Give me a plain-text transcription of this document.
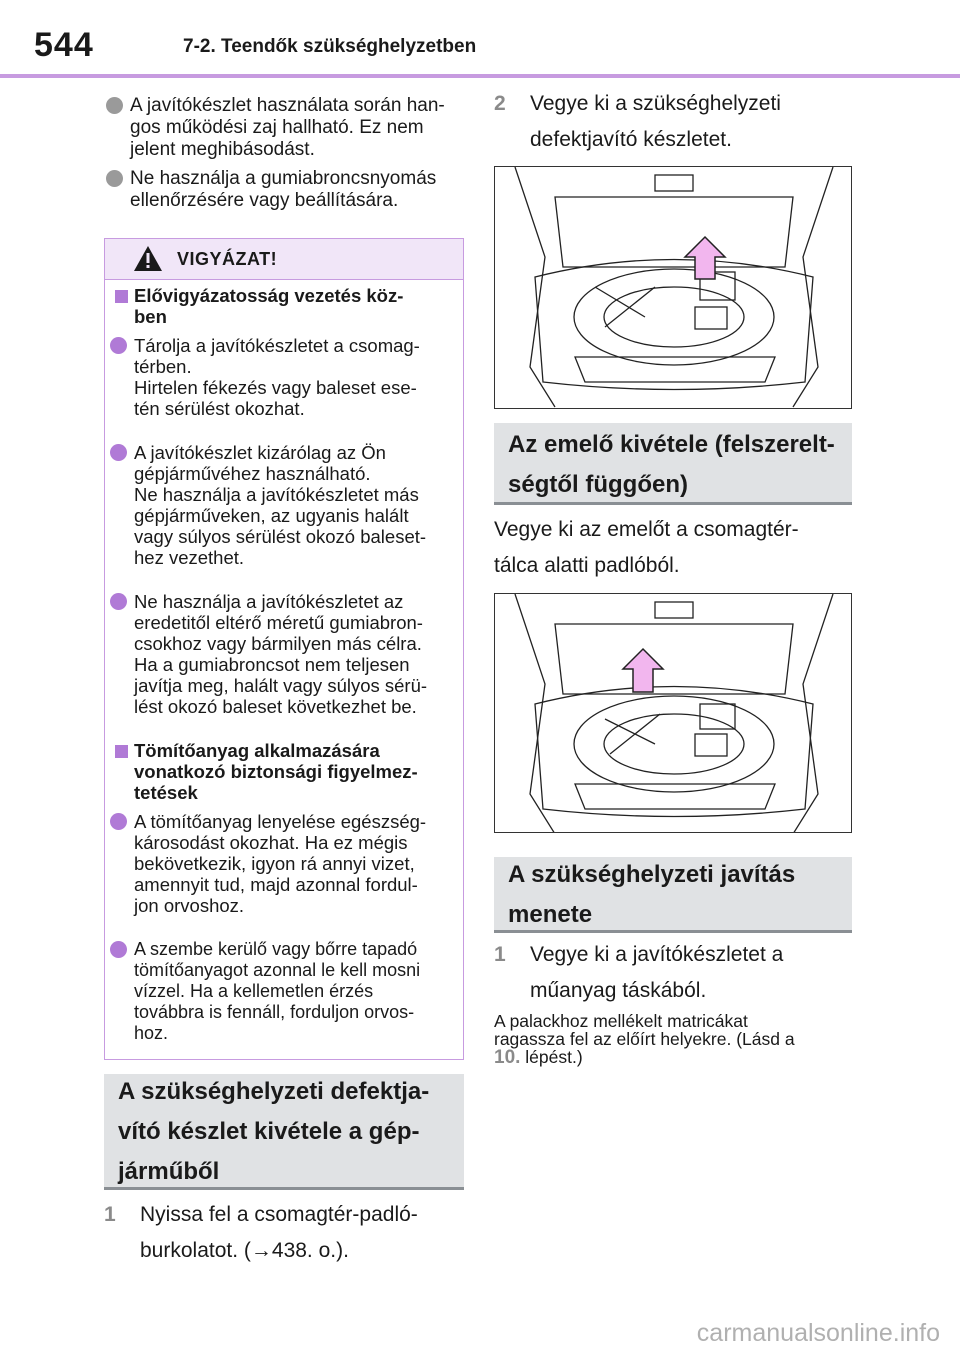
544	7-2. Teendők szükséghelyzetben
A javítókészlet használata során han-
gos működési zaj hallható. Ez nem
jelent meghibásodást.
Ne használja a gumiabroncsnyomás
ellenőrzésére vagy beállítására.
VIGYÁZAT!
Elővigyázatosság vezetés köz-
ben
Tárolja a javítókészletet a csomag-
térben.
Hirtelen fékezés vagy baleset ese-
tén sérülést okozhat.
A javítókészlet kizárólag az Ön
gépjárművéhez használható.
Ne használja a javítókészletet más
gépjárműveken, az ugyanis halált
vagy súlyos sérülést okozó baleset-
hez vezethet.
Ne használja a javítókészletet az
eredetitől eltérő méretű gumiabron-
csokhoz vagy bármilyen más célra.
Ha a gumiabroncsot nem teljesen
javítja meg, halált vagy súlyos sérü-
lést okozó baleset következhet be.
Tömítőanyag alkalmazására
vonatkozó biztonsági figyelmez-
tetések
A tömítőanyag lenyelése egészség-
károsodást okozhat. Ha ez mégis
bekövetkezik, igyon rá annyi vizet,
amennyit tud, majd azonnal fordul-
jon orvoshoz.
A szembe kerülő vagy bőrre tapadó
tömítőanyagot azonnal le kell mosni
vízzel. Ha a kellemetlen érzés
továbbra is fennáll, forduljon orvos-
hoz.
A szükséghelyzeti defektja-
vító készlet kivétele a gép-
járműből
1 Nyissa fel a csomagtér-padló-
burkolatot. (→438. o.).
2 Vegye ki a szükséghelyzeti
defektjavító készletet.
Az emelő kivétele (felszerelt-
ségtől függően)
Vegye ki az emelőt a csomagtér-
tálca alatti padlóból.
A szükséghelyzeti javítás
menete
1 Vegye ki a javítókészletet a
műanyag táskából.
A palackhoz mellékelt matricákat
ragassza fel az előírt helyekre. (Lásd a
10. lépést.)
carmanualsonline.info
